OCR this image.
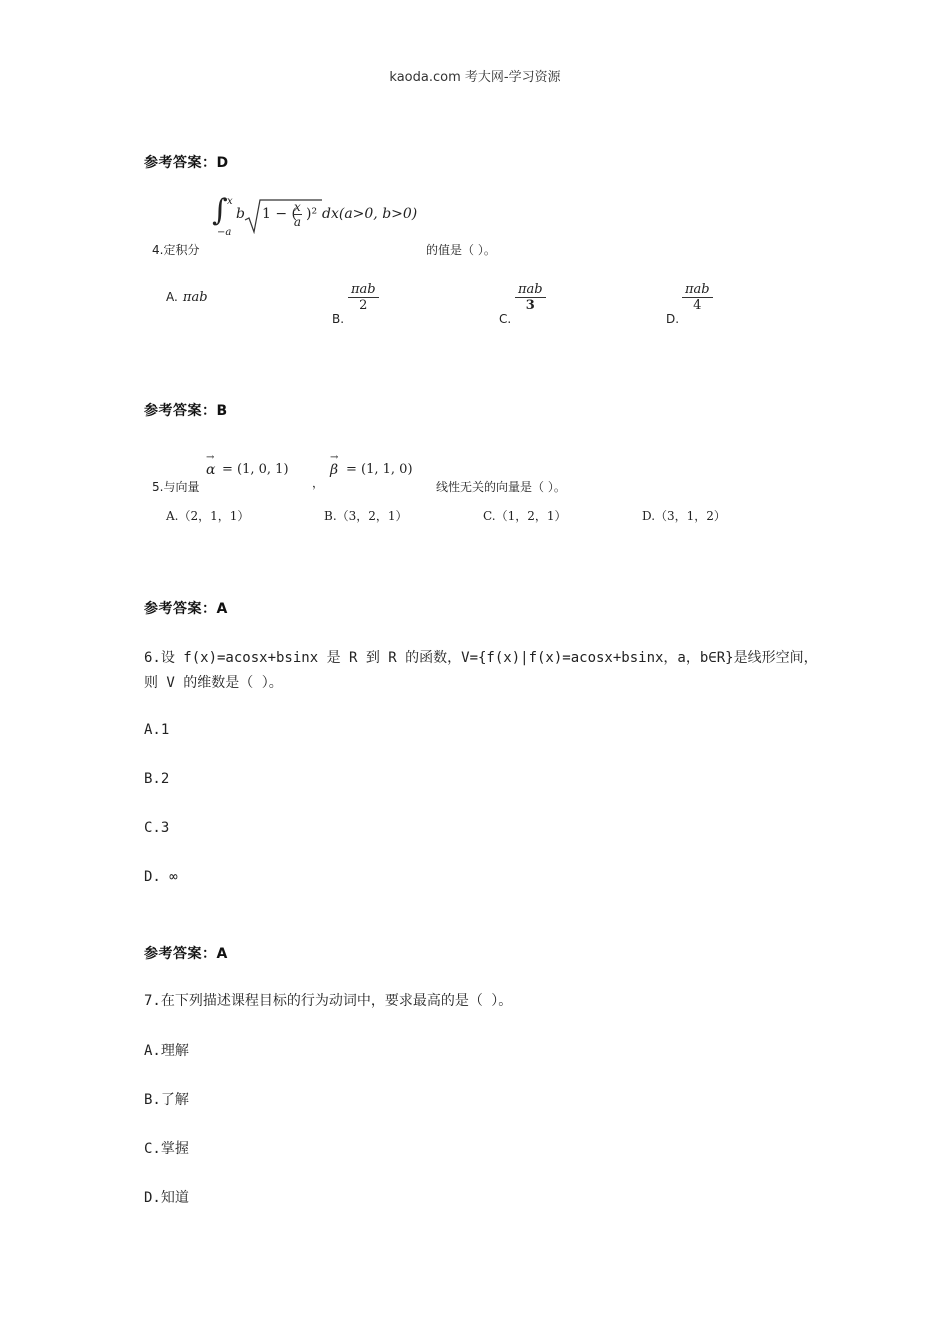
kaoda.com 考大网-学习资源
参考答案：D
4.定积分
∫ x
−a
b 1 − (
$\frac{x}{a} )^2$ dx(a>0, b>0)
的值是（ ）。
A. πab
B.
πab
2
C.
πab
3
D.
πab
4
参考答案：B
5.与向量
→
α = (1, 0, 1)
，
→
β = (1, 1, 0)
线性无关的向量是（ ）。
A.（2，1，1）	B.（3，2，1）	C.（1，2，1）	D.（3，1，2）
参考答案：A
6.设 f(x)=acosx+bsinx 是 R 到 R 的函数，V={f(x)|f(x)=acosx+bsinx，a，b∈R}是线形空间，则 V 的维数是（ ）。
A.1
B.2
C.3
D. ∞
参考答案：A
7.在下列描述课程目标的行为动词中，要求最高的是（ ）。
A.理解
B.了解
C.掌握
D.知道
